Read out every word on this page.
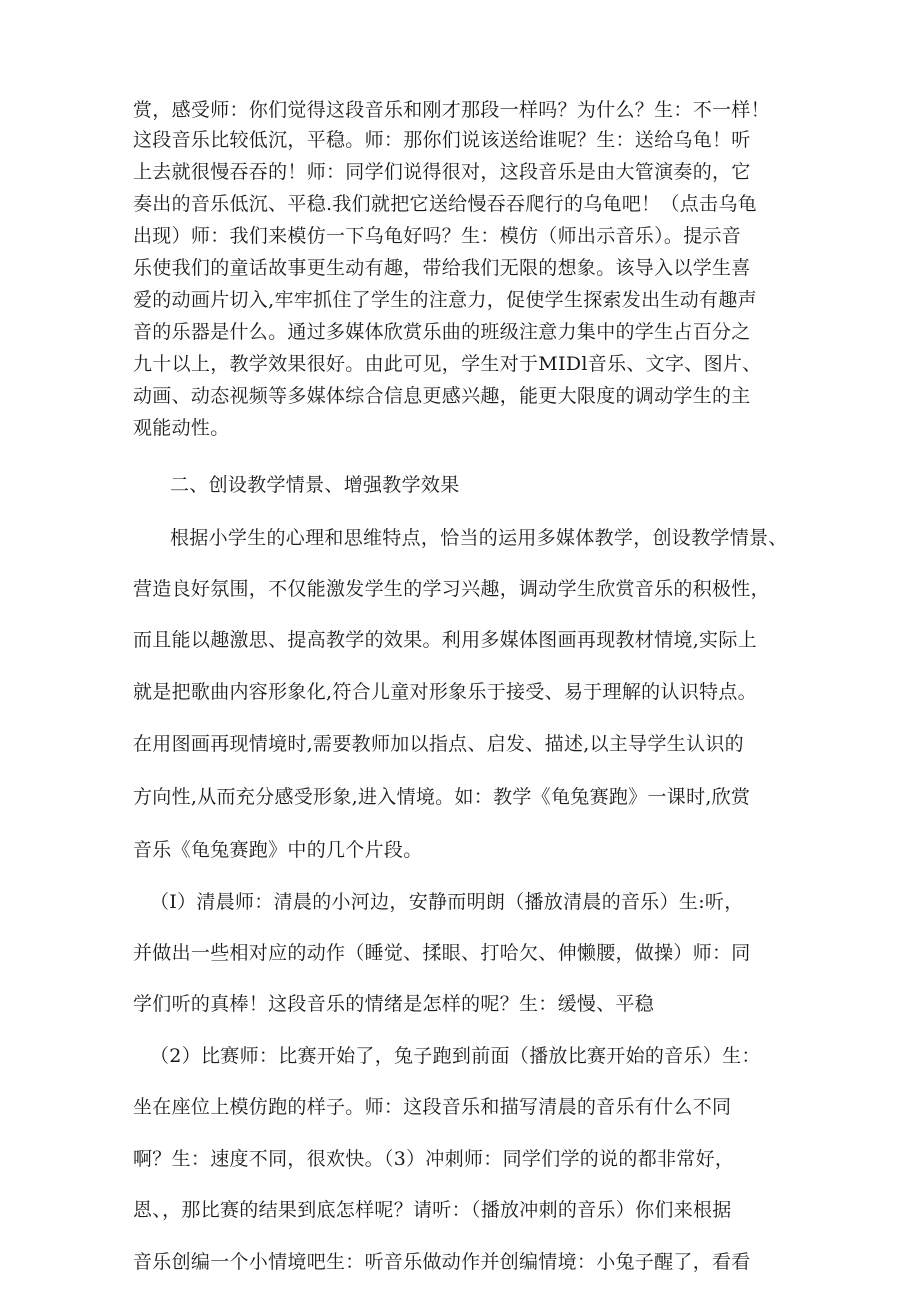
赏，感受师：你们觉得这段音乐和刚才那段一样吗？为什么？生：不一样！
这段音乐比较低沉，平稳。师：那你们说该送给谁呢？生：送给乌龟！听
上去就很慢吞吞的！师：同学们说得很对，这段音乐是由大管演奏的，它
奏出的音乐低沉、平稳.我们就把它送给慢吞吞爬行的乌龟吧！（点击乌龟
出现）师：我们来模仿一下乌龟好吗？生：模仿（师出示音乐）。提示音
乐使我们的童话故事更生动有趣，带给我们无限的想象。该导入以学生喜
爱的动画片切入,牢牢抓住了学生的注意力，促使学生探索发出生动有趣声
音的乐器是什么。通过多媒体欣赏乐曲的班级注意力集中的学生占百分之
九十以上，教学效果很好。由此可见，学生对于MIDl音乐、文字、图片、
动画、动态视频等多媒体综合信息更感兴趣，能更大限度的调动学生的主
观能动性。
二、创设教学情景、增强教学效果
根据小学生的心理和思维特点，恰当的运用多媒体教学，创设教学情景、
营造良好氛围，不仅能激发学生的学习兴趣，调动学生欣赏音乐的积极性，
而且能以趣激思、提高教学的效果。利用多媒体图画再现教材情境,实际上
就是把歌曲内容形象化,符合儿童对形象乐于接受、易于理解的认识特点。
在用图画再现情境时,需要教师加以指点、启发、描述,以主导学生认识的
方向性,从而充分感受形象,进入情境。如：教学《龟兔赛跑》一课时,欣赏
音乐《龟兔赛跑》中的几个片段。
（I）清晨师：清晨的小河边，安静而明朗（播放清晨的音乐）生:听，
并做出一些相对应的动作（睡觉、揉眼、打哈欠、伸懒腰，做操）师：同
学们听的真棒！这段音乐的情绪是怎样的呢？生：缓慢、平稳
（2）比赛师：比赛开始了，兔子跑到前面（播放比赛开始的音乐）生：
坐在座位上模仿跑的样子。师：这段音乐和描写清晨的音乐有什么不同
啊？生：速度不同，很欢快。（3）冲刺师：同学们学的说的都非常好，
恩、，那比赛的结果到底怎样呢？请听：（播放冲刺的音乐）你们来根据
音乐创编一个小情境吧生：听音乐做动作并创编情境：小兔子醒了，看看
